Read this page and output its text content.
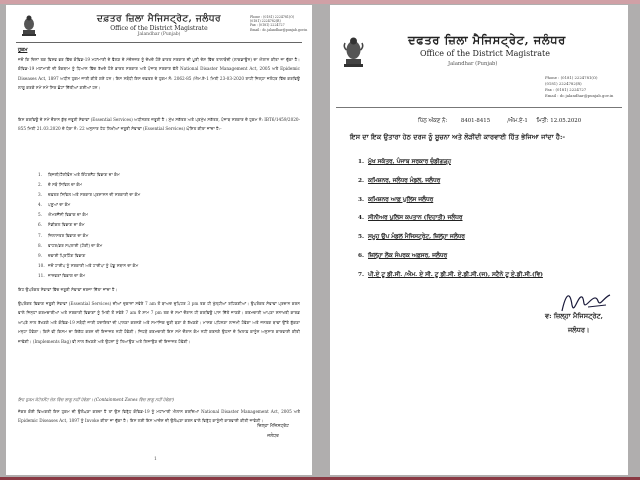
ਦਫ਼ਤਰ ਜ਼ਿਲਾ ਮੈਜਿਸਟ੍ਰੇਟ, ਜਲੰਧਰ
Office of the District Magistrate
Jalandhar (Punjab)
Phone : (0181) 2224781(O)
(0181) 2224782(R)
Fax : (0181) 2224727
Email : dc.jalandhar@punjab.gov.in
ਹੁਕਮ
ਜਦੋਂ ਕਿ ਦਿਨਾਂ ਤਕ ਵਿਸ਼ਵ ਭਰ ਵਿੱਚ ਕੋਵਿਡ-19 ਮਹਾਂਮਾਰੀ ਦੇ ਫੈਲਣ ਦੇ ਮੱਦੇਨਜ਼ਰ ਨੂੰ ਦੇਖਦੇ ਹੋਏ ਭਾਰਤ ਸਰਕਾਰ ਦੀ ਪੂਰੀ ਦੇਸ਼ ਵਿੱਚ ਤਾਲਾਬੰਦੀ (ਲਾਕਡਾਊਨ) ਦਾ ਐਲਾਨ ਕੀਤਾ ਜਾ ਚੁੱਕਾ ਹੈ। ਕੋਵਿਡ-19 ਮਹਾਂਮਾਰੀ ਦੀ ਰੋਕਥਾਮ ਨੂੰ ਧਿਆਨ ਵਿੱਚ ਰੱਖਦੇ ਹੋਏ ਭਾਰਤ ਸਰਕਾਰ ਅਤੇ ਪੰਜਾਬ ਸਰਕਾਰ ਵੱਲੋਂ National Disaster Management Act, 2005 ਅਤੇ Epidemic Diseases Act, 1897 ਅਧੀਨ ਹੁਕਮ ਜਾਰੀ ਕੀਤੇ ਗਏ ਹਨ। ਇਸ ਸਬੰਧੀ ਇਸ ਦਫ਼ਤਰ ਦੇ ਹੁਕਮ ਨੰ: 2062-85 /ਐਮ.ਏ-1 ਮਿਤੀ 23-03-2020 ਰਾਹੀਂ ਜ਼ਿਲ੍ਹਾ ਜਲੰਧਰ ਵਿੱਚ ਕਰਫਿਊ ਲਾਗੂ ਕਰਕੇ ਸਮੇਂ ਸਮੇਂ ਸਿਰ ਛੋਟਾਂ ਦਿੱਤੀਆਂ ਗਈਆਂ ਹਨ।
ਇਸ ਕਰਫਿਊ ਦੇ ਸਮੇਂ ਦੌਰਾਨ ਕੁੱਝ ਜ਼ਰੂਰੀ ਸੇਵਾਵਾਂ (Essential Services) ਅਧੀਨਗਤ ਜ਼ਰੂਰੀ ਹੈ। ਮੁੱਖ ਸਕੱਤਰ ਅਤੇ ਪ੍ਰਮੁੱਖ ਸਕੱਤਰ, ਪੰਜਾਬ ਸਰਕਾਰ ਦੇ ਹੁਕਮ ਨੰ: IBT6/1459/2020-855 ਮਿਤੀ 21.03.2020 ਦੇ ਪੈਰਾ ਨੰ: 22 ਅਨੁਸਾਰ ਹੇਠ ਲਿਖੀਆਂ ਜ਼ਰੂਰੀ ਸੇਵਾਵਾਂ (Essential Services) ਘੋਸ਼ਿਤ ਕੀਤਾ ਜਾਂਦਾ ਹੈ:-
1. ਬਿਜਲੀ/ਟੈਲੀਫੋਨ ਅਤੇ ਇੰਟਰਨੈਂਟ ਵਿਭਾਗ ਦਾ ਕੰਮ
2. ਦੇ ਸਬੰ ਸਿਵਿਲ ਦਾ ਕੰਮ
3. ਦਫ਼ਤਰ ਸਿਵਿਲ ਅਤੇ ਸਰਕਾਰ ਪ੍ਰਸ਼ਾਸਨ ਦੀ ਸਰਕਾਰੀ ਦਾ ਕੰਮ
4. ਪਸ਼ੂਆਂ ਦਾ ਕੰਮ
5. ਐਮਰਜੈਂਸੀ ਵਿਭਾਗ ਦਾ ਕੰਮ
6. ਮੈਡੀਕਲ ਵਿਭਾਗ ਦਾ ਕੰਮ
7. ਜ਼ਿਲਾਸਤਰ ਵਿਭਾਗ ਦਾ ਕੰਮ
8. ਵਾਟਰ/ਡਰ ਸਪਲਾਈ (ਟੰਕੀ) ਦਾ ਕੰਮ
9. ਦਵਾਈ ਪ੍ਰਿਟਿੰਗ ਵਿਭਾਗ
10. ਜਦੋਂ ਟਾਈਪ ਨੂੰ ਸਰਕਾਰੀ ਅਤੇ ਟਾਈਪਾ ਨੂੰ ਪੇਂਡੂ ਸਥਾਨ ਦਾ ਕੰਮ
11. ਜਾਨਵਰਾਂ ਵਿਭਾਗ ਦਾ ਕੰਮ
ਇਹ ਉਪਰੋਕਤ ਸੇਵਾਵਾਂ ਵਿੱਚ ਜ਼ਰੂਰੀ ਸੇਵਾਵਾਂ ਦਰਜਾ ਦਿੱਤਾ ਜਾਂਦਾ ਹੈ।
ਉਪਰੋਕਤ ਵਿਭਾਗ ਜ਼ਰੂਰੀ ਸੇਵਾਵਾਂ (Essential Services) ਦੀਆਂ ਦੁਕਾਨਾਂ ਸਵੇਰੇ 7 am ਤੋਂ ਬਾਅਦ ਦੁਪਿਹਰ 3 pm ਤਕ ਹੀ ਖੁੱਲ੍ਹੀਆਂ ਰਹਿਣਗੀਆਂ। ਉਪਰੋਕਤ ਸੇਵਾਵਾਂ ਪ੍ਰਦਾਨ ਕਰਨ ਵਾਲੇ ਜਿਨ੍ਹਾਂ ਕਰਮਚਾਰੀਆਂ ਅਤੇ ਸਰਕਾਰੀ ਵਿਭਾਗਾਂ ਨੂੰ ਮਿਤੀ ਤੋਂ ਸਵੇਰੇ 7 am ਤੋਂ ਸ਼ਾਮ 7 pm ਤਕ ਦੇ ਸਮਾਂ ਦੌਰਾਨ ਹੀ ਕਰਫਿਊ ਪਾਸ ਦਿੱਤੇ ਜਾਣਗੇ। ਕਰਮਚਾਰੀ ਆਪਣਾ ਸ਼ਨਾਖਤੀ ਕਾਰਡ ਆਪਣੇ ਨਾਲ ਰੱਖਣਗੇ ਅਤੇ ਕੋਵਿਡ-19 ਸਬੰਧੀ ਜਾਰੀ ਹਦਾਇਤਾਂ ਦੀ ਪਾਲਣਾ ਕਰਨਗੇ ਅਤੇ ਸਮਾਜਿਕ ਦੂਰੀ ਬਣਾ ਕੇ ਰੱਖਣਗੇ। ਮਾਸਕ ਪਹਿਨਣਾ ਲਾਜ਼ਮੀ ਹੋਵੇਗਾ ਅਤੇ ਜਨਤਕ ਥਾਵਾਂ ਉੱਤੇ ਥੁੱਕਣਾ ਮਨ੍ਹਾ ਹੋਵੇਗਾ। ਕਿਸੇ ਵੀ ਕਿਸਮ ਦਾ ਇਕੱਠ ਕਰਨ ਦੀ ਇਜਾਜ਼ਤ ਨਹੀਂ ਹੋਵੇਗੀ। ਜਿਹੜੇ ਕਰਮਚਾਰੀ ਇਸ ਸਮੇਂ ਦੌਰਾਨ ਕੰਮ ਨਹੀਂ ਕਰਨਗੇ ਉਹਨਾਂ ਦੇ ਖਿਲਾਫ਼ ਕਾਨੂੰਨ ਅਨੁਸਾਰ ਕਾਰਵਾਈ ਕੀਤੀ ਜਾਵੇਗੀ। (Implements Bag) ਵੀ ਨਾਲ ਰੱਖਣਗੇ ਅਤੇ ਉਹਨਾਂ ਨੂੰ ਲਿਆਉਣ ਅਤੇ ਲਿਜਾਉਣ ਦੀ ਇਜਾਜ਼ਤ ਹੋਵੇਗੀ।
ਇਹ ਹੁਕਮ ਕੰਟੇਨਮੈਂਟ ਜ਼ੋਨ ਵਿੱਚ ਲਾਗੂ ਨਹੀਂ ਹੋਵੇਗਾ। (Containment Zones ਵਿੱਚ ਲਾਗੂ ਨਹੀਂ ਹੋਵੇਗਾ)
ਜੇਕਰ ਕੋਈ ਵਿਅਕਤੀ ਇਸ ਹੁਕਮ ਦੀ ਉਲੰਘਣਾ ਕਰਦਾ ਹੈ ਤਾਂ ਉਸ ਵਿਰੁੱਧ ਕੋਵਿਡ-19 ਨੂੰ ਮਹਾਂਮਾਰੀ ਐਲਾਨ ਕਰਦਿਆਂ National Disaster Management Act, 2005 ਅਤੇ Epidemic Diseases Act, 1897 ਨੂੰ Invoke ਕੀਤਾ ਜਾ ਚੁੱਕਾ ਹੈ। ਇਸ ਲਈ ਇਸ ਆਦੇਸ਼ ਦੀ ਉਲੰਘਣਾ ਕਰਨ ਵਾਲੇ ਵਿਰੁੱਧ ਕਾਨੂੰਨੀ ਕਾਰਵਾਈ ਕੀਤੀ ਜਾਵੇਗੀ।
ਜ਼ਿਲ੍ਹਾ ਮੈਜਿਸਟ੍ਰੇਟ
ਜਲੰਧਰ
1
ਦਫਤਰ ਜ਼ਿਲਾ ਮੈਜਿਸਟ੍ਰੇਟ, ਜਲੰਧਰ
Office of the District Magistrate
Jalandhar (Punjab)
Phone : (0181) 2224781(O)
(0181) 2224782(R)
Fax : (0181) 2224727
Email : dc.jalandhar@punjab.gov.in
ਪਿੱਠ ਅੰਕਣ ਨੰ:        8401-8415          /ਐਮ.ਏ-1     ਮਿਤੀ: 12.05.2020
ਇਸ ਦਾ ਇਕ ਉਤਾਰਾ ਹੇਠ ਦਰਜ ਨੂੰ ਸੂਚਨਾ ਅਤੇ ਲੋੜੀਂਦੀ ਕਾਰਵਾਈ ਹਿੱਤ ਭੇਜਿਆ ਜਾਂਦਾ ਹੈ:-
1. ਮੁੱਖ ਸਕੱਤਰ, ਪੰਜਾਬ ਸਰਕਾਰ ਚੰਡੀਗੜ੍ਹ
2. ਕਮਿਸ਼ਨਰ, ਜਲੰਧਰ ਮੰਡਲ, ਜਲੰਧਰ
3. ਕਮਿਸ਼ਨਰ ਆਫ਼ ਪੁਲਿਸ ਜਲੰਧਰ
4. ਸੀਨੀਅਰ ਪੁਲਿਸ ਕਪਤਾਨ (ਦਿਹਾਤੀ) ਜਲੰਧਰ
5. ਸਮੂਹ ਉਪ ਮੰਡਲ ਮੈਜਿਸਟ੍ਰੇਟ, ਜ਼ਿਲ੍ਹਾ ਜਲੰਧਰ
6. ਜ਼ਿਲ੍ਹਾ ਲੋਕ ਸੰਪਰਕ ਅਫ਼ਸਰ, ਜਲੰਧਰ
7. ਪੀ.ਏ ਟੂ ਡੀ.ਸੀ. /ਐਮ. ਏ ਸੀ. ਟੂ ਡੀ.ਸੀ. ਏ.ਡੀ.ਸੀ.(ਜ), ਸਟੈਨੋ ਟੂ ਏ.ਡੀ.ਸੀ.(ਵਿ)
ਵ: ਜ਼ਿਲ੍ਹਾ ਮੈਜਿਸਟ੍ਰੇਟ,
ਜਲੰਧਰ।
